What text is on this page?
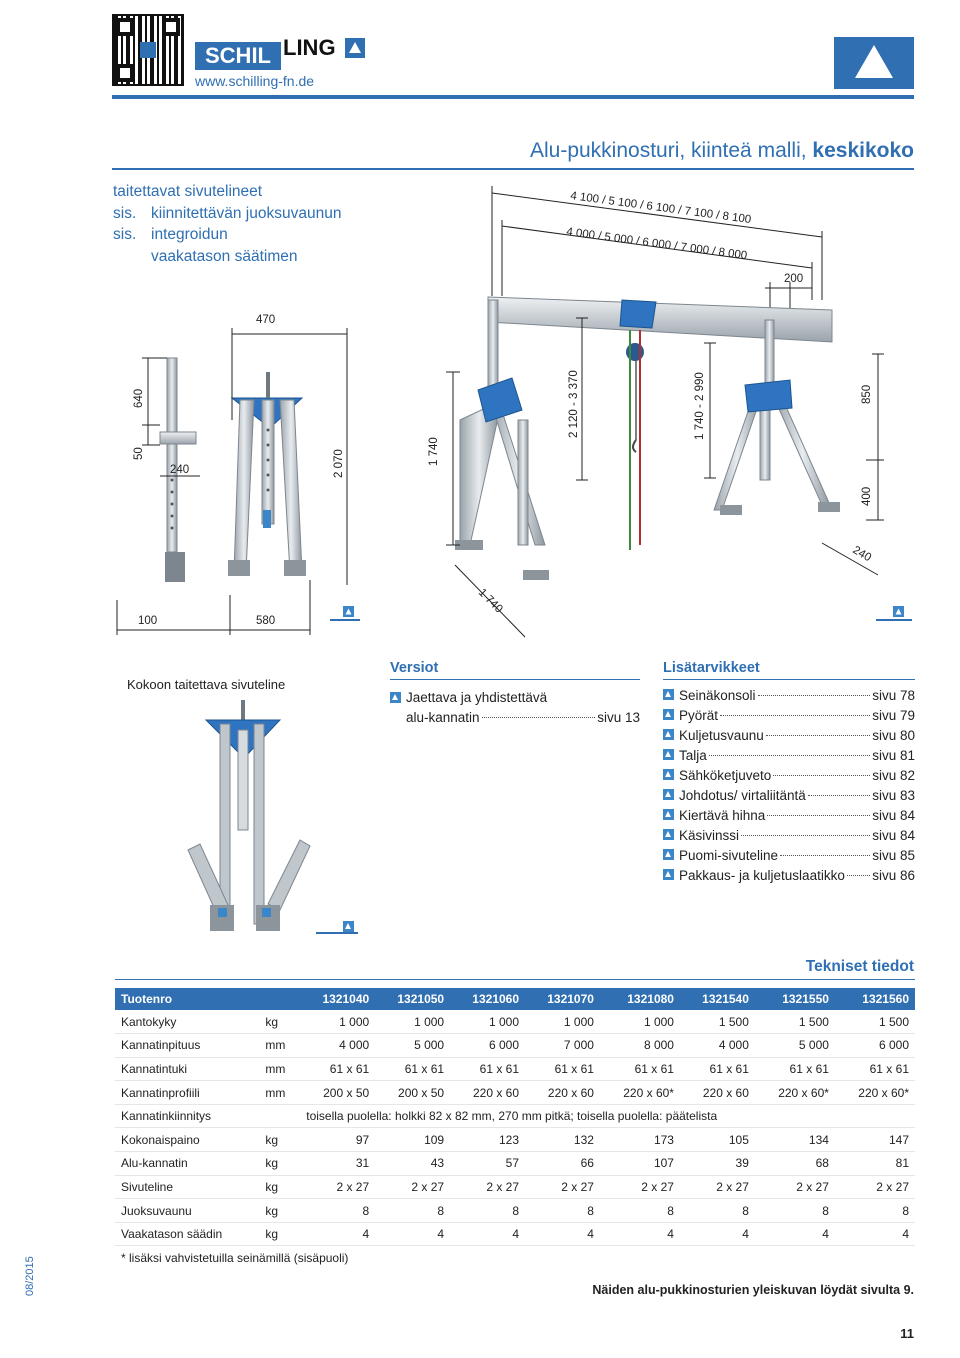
SCHIL LING
www.schilling-fn.de
Alu-pukkinosturi, kiinteä malli, keskikoko
taitettavat sivutelineet
sis. kiinnitettävän juoksuvaunun
sis. integroidun
vaakatason säätimen
4 100 / 5 100 / 6 100 / 7 100 / 8 100
4 000 / 5 000 / 6 000 / 7 000 / 8 000
200
470
640
50
240	2 070	1 740
2 120 - 3 370	1 740 - 2 990	850
400
240
100	580
1 740
Kokoon taitettava sivuteline
Versiot
Jaettava ja yhdistettävä
alu-kannatin	sivu 13
Lisätarvikkeet
Seinäkonsoli	sivu 78
Pyörät	sivu 79
Kuljetusvaunu	sivu 80
Talja	sivu 81
Sähköketjuveto	sivu 82
Johdotus/ virtaliitäntä	sivu 83
Kiertävä hihna	sivu 84
Käsivinssi	sivu 84
Puomi-sivuteline	sivu 85
Pakkaus- ja kuljetuslaatikko sivu 86
Tekniset tiedot
Tuotenro		1321040	1321050	1321060	1321070	1321080	1321540	1321550	1321560
Kantokyky	kg	1 000	1 000	1 000	1 000	1 000	1 500	1 500	1 500
Kannatinpituus	mm	4 000	5 000	6 000	7 000	8 000	4 000	5 000	6 000
Kannatintuki	mm	61 x 61	61 x 61	61 x 61	61 x 61	61 x 61	61 x 61	61 x 61	61 x 61
Kannatinprofiili	mm	200 x 50	200 x 50	220 x 60	220 x 60	220 x 60*	220 x 60	220 x 60*	220 x 60*
Kannatinkiinnitys		toisella puolella: holkki 82 x 82 mm, 270 mm pitkä; toisella puolella: päätelista							
Kokonaispaino	kg	97	109	123	132	173	105	134	147
Alu-kannatin	kg	31	43	57	66	107	39	68	81
Sivuteline	kg	2 x 27	2 x 27	2 x 27	2 x 27	2 x 27	2 x 27	2 x 27	2 x 27
Juoksuvaunu	kg	8	8	8	8	8	8	8	8
Vaakatason säädin	kg	4	4	4	4	4	4	4	4
* lisäksi vahvistetuilla seinämillä (sisäpuoli)
Näiden alu-pukkinosturien yleiskuvan löydät sivulta 9.
08/2015
11
